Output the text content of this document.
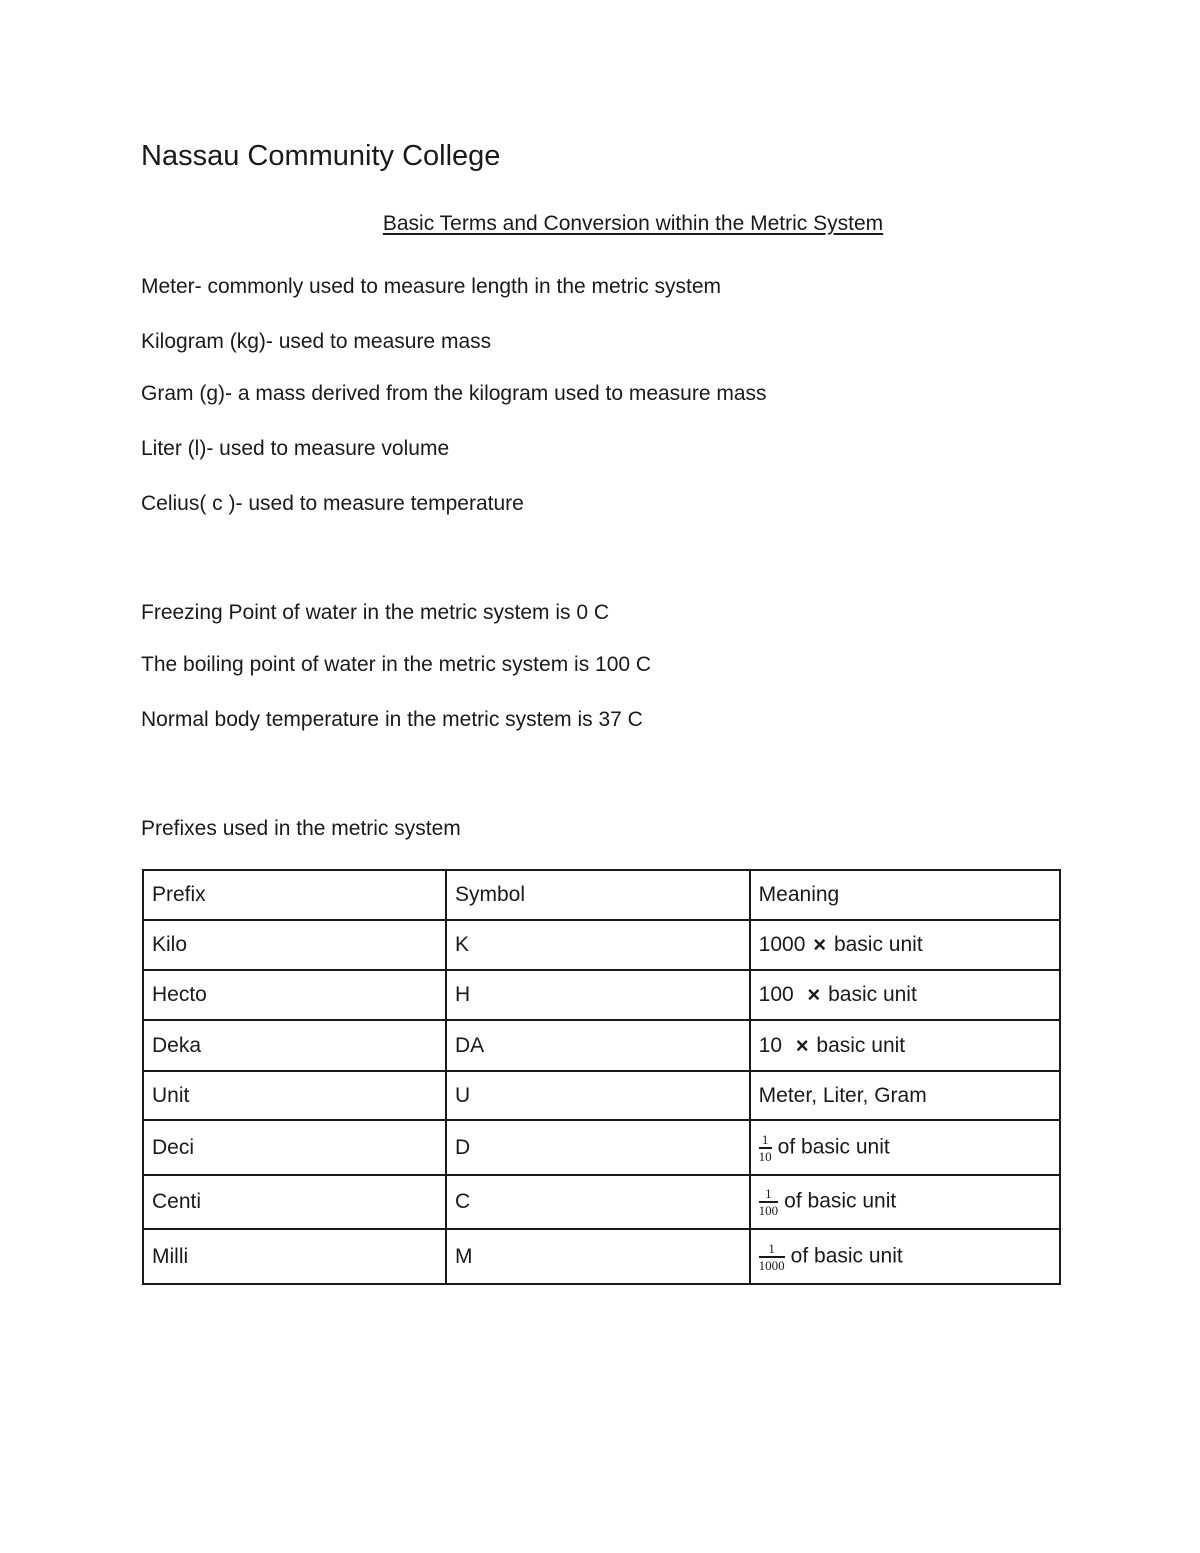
Nassau Community College
Basic Terms and Conversion within the Metric System

Meter- commonly used to measure length in the metric system

Kilogram (kg)- used to measure mass

Gram (g)- a mass derived from the kilogram used to measure mass

Liter (l)- used to measure volume

Celius( c )- used to measure temperature

Freezing Point of water in the metric system is 0 C

The boiling point of water in the metric system is 100 C

Normal body temperature in the metric system is 37 C

Prefixes used in the metric system

Prefix	Symbol	Meaning
Kilo	K	1000 × basic unit
Hecto	H	100 × basic unit
Deka	DA	10 × basic unit
Unit	U	Meter, Liter, Gram
Deci	D	$\frac{1}{10}$ of basic unit
Centi	C	$\frac{1}{100}$ of basic unit
Milli	M	$\frac{1}{1000}$ of basic unit
